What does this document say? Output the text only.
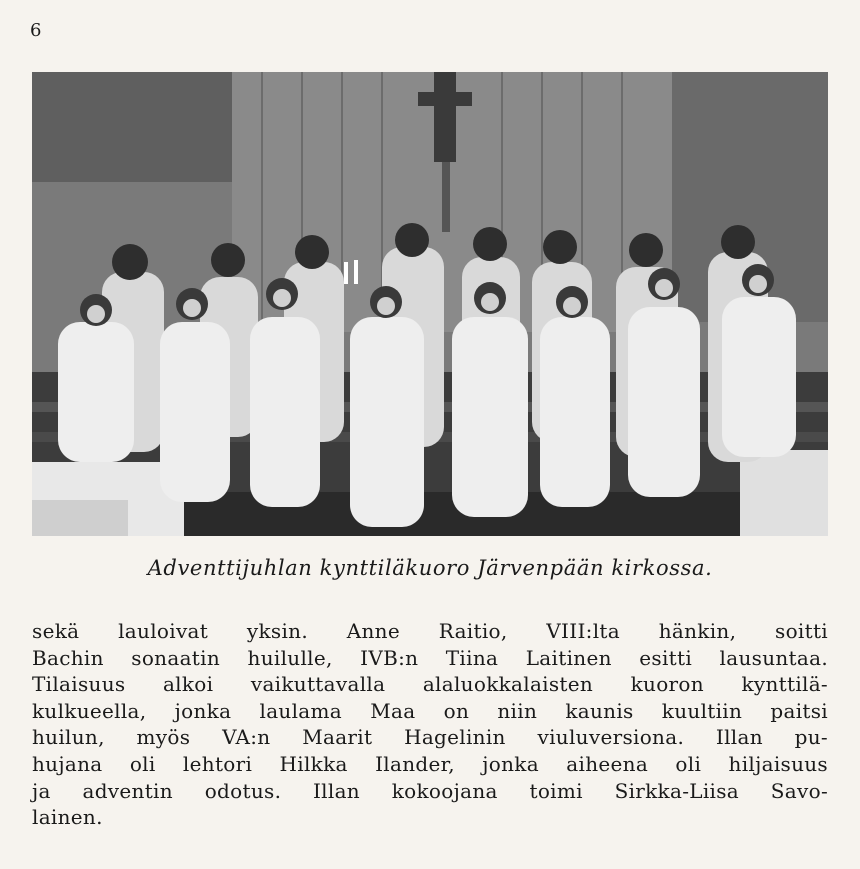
6
Adventtijuhlan kynttiläkuoro Järvenpään kirkossa.
sekä lauloivat yksin. Anne Raitio, VIII:lta hänkin, soitti
Bachin sonaatin huilulle, IVB:n Tiina Laitinen esitti lausuntaa.
Tilaisuus alkoi vaikuttavalla alaluokkalaisten kuoron kynttilä-
kulkueella, jonka laulama Maa on niin kaunis kuultiin paitsi
huilun, myös VA:n Maarit Hagelinin viuluversiona. Illan pu-
hujana oli lehtori Hilkka Ilander, jonka aiheena oli hiljaisuus
ja adventin odotus. Illan kokoojana toimi Sirkka-Liisa Savo-
lainen.
